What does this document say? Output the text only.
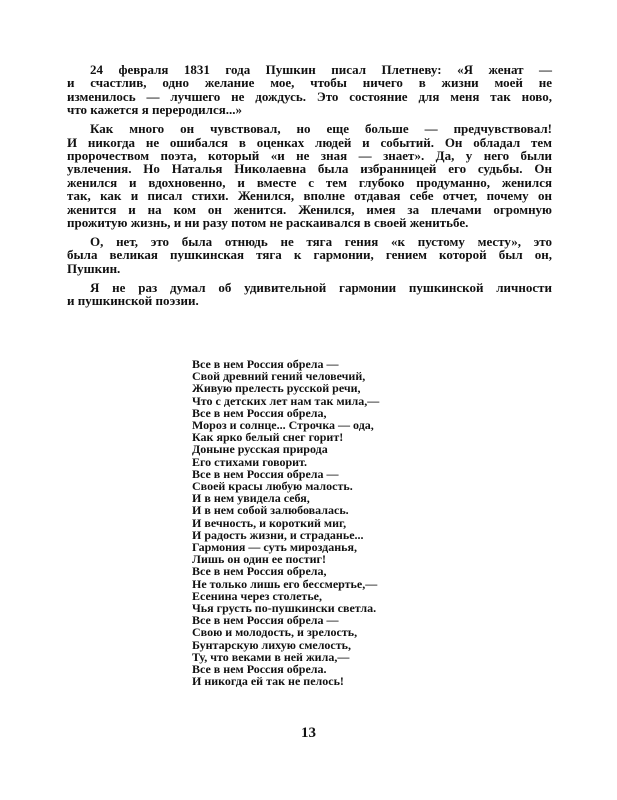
24 февраля 1831 года Пушкин писал Плетневу: «Я женат —
и счастлив, одно желание мое, чтобы ничего в жизни моей не
изменилось — лучшего не дождусь. Это состояние для меня так ново,
что кажется я переродился...»
Как много он чувствовал, но еще больше — предчувствовал!
И никогда не ошибался в оценках людей и событий. Он обладал тем
пророчеством поэта, который «и не зная — знает». Да, у него были
увлечения. Но Наталья Николаевна была избранницей его судьбы. Он
женился и вдохновенно, и вместе с тем глубоко продуманно, женился
так, как и писал стихи. Женился, вполне отдавая себе отчет, почему он
женится и на ком он женится. Женился, имея за плечами огромную
прожитую жизнь, и ни разу потом не раскаивался в своей женитьбе.
О, нет, это была отнюдь не тяга гения «к пустому месту», это
была великая пушкинская тяга к гармонии, гением которой был он,
Пушкин.
Я не раз думал об удивительной гармонии пушкинской личности
и пушкинской поэзии.
Все в нем Россия обрела —
Свой древний гений человечий,
Живую прелесть русской речи,
Что с детских лет нам так мила,—
Все в нем Россия обрела,
Мороз и солнце... Строчка — ода,
Как ярко белый снег горит!
Доныне русская природа
Его стихами говорит.
Все в нем Россия обрела —
Своей красы любую малость.
И в нем увидела себя,
И в нем собой залюбовалась.
И вечность, и короткий миг,
И радость жизни, и страданье...
Гармония — суть мирозданья,
Лишь он один ее постиг!
Все в нем Россия обрела,
Не только лишь его бессмертье,—
Есенина через столетье,
Чья грусть по-пушкински светла.
Все в нем Россия обрела —
Свою и молодость, и зрелость,
Бунтарскую лихую смелость,
Ту, что веками в ней жила,—
Все в нем Россия обрела.
И никогда ей так не пелось!
13
